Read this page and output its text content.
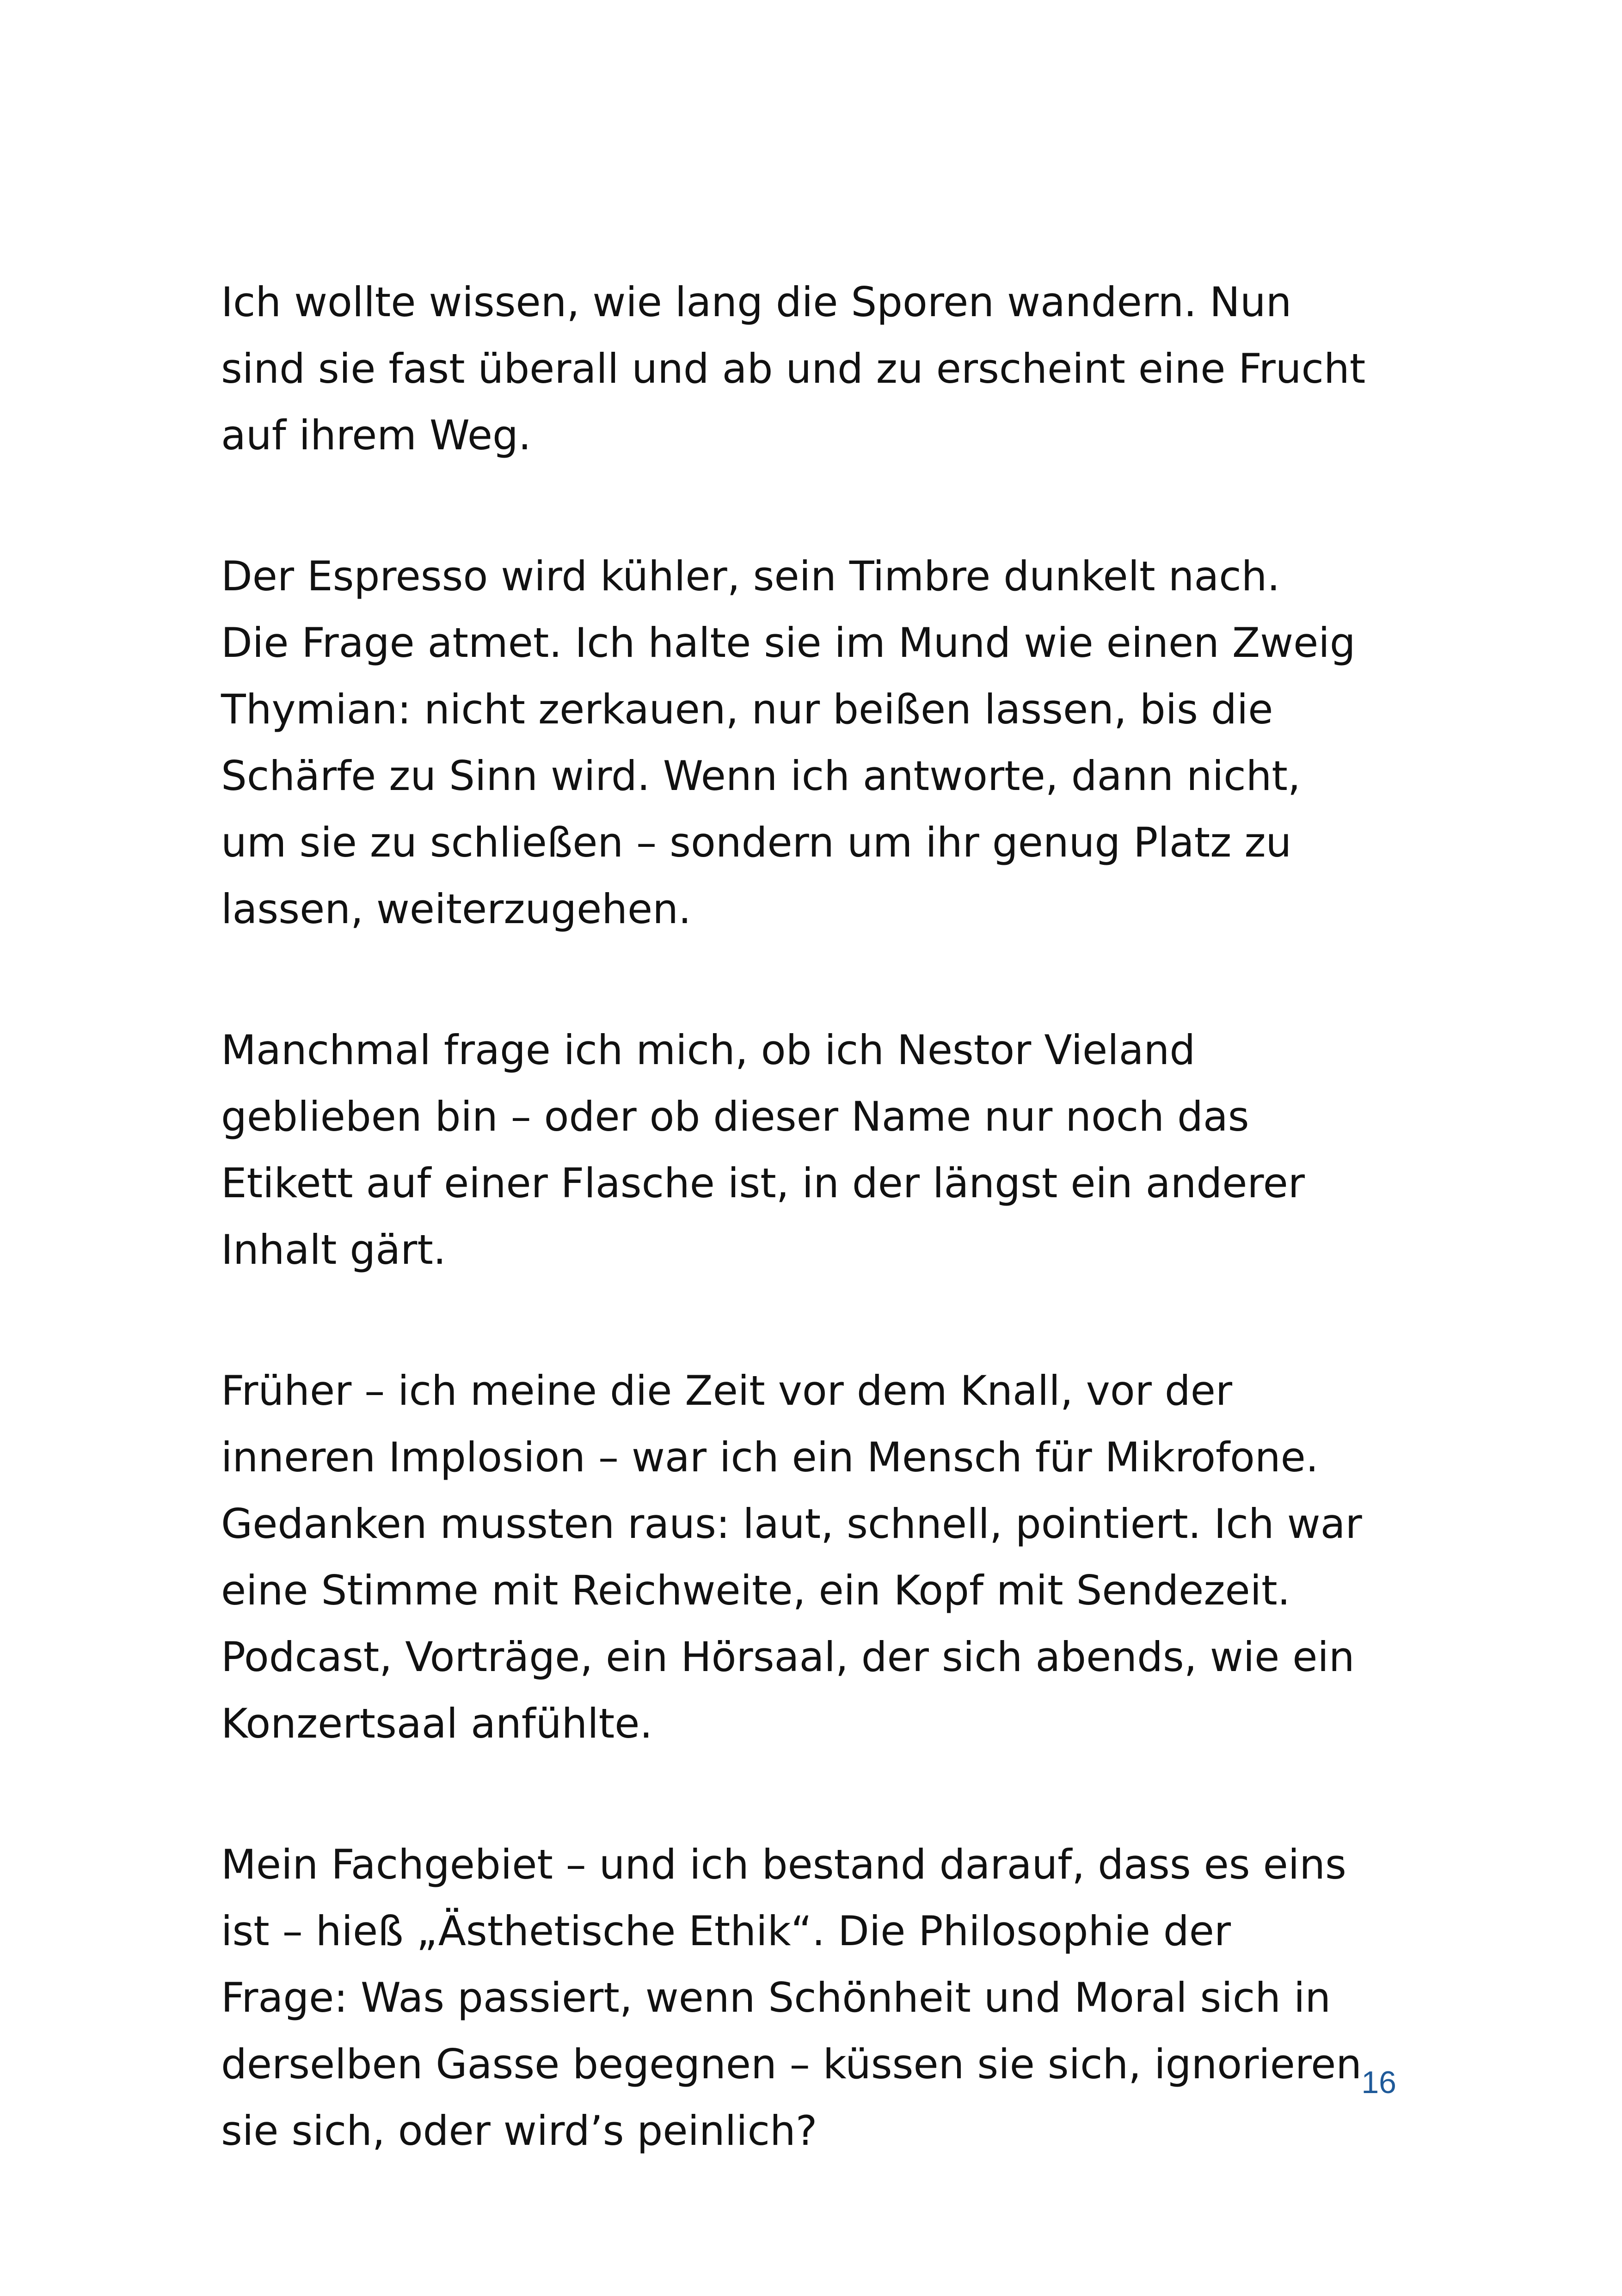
Ich wollte wissen, wie lang die Sporen wandern. Nun
sind sie fast überall und ab und zu erscheint eine Frucht
auf ihrem Weg.

Der Espresso wird kühler, sein Timbre dunkelt nach.
Die Frage atmet. Ich halte sie im Mund wie einen Zweig
Thymian: nicht zerkauen, nur beißen lassen, bis die
Schärfe zu Sinn wird. Wenn ich antworte, dann nicht,
um sie zu schließen – sondern um ihr genug Platz zu
lassen, weiterzugehen.

Manchmal frage ich mich, ob ich Nestor Vieland
geblieben bin – oder ob dieser Name nur noch das
Etikett auf einer Flasche ist, in der längst ein anderer
Inhalt gärt.

Früher – ich meine die Zeit vor dem Knall, vor der
inneren Implosion – war ich ein Mensch für Mikrofone.
Gedanken mussten raus: laut, schnell, pointiert. Ich war
eine Stimme mit Reichweite, ein Kopf mit Sendezeit.
Podcast, Vorträge, ein Hörsaal, der sich abends, wie ein
Konzertsaal anfühlte.

Mein Fachgebiet – und ich bestand darauf, dass es eins
ist – hieß „Ästhetische Ethik“. Die Philosophie der
Frage: Was passiert, wenn Schönheit und Moral sich in
derselben Gasse begegnen – küssen sie sich, ignorieren
sie sich, oder wird’s peinlich?

16
